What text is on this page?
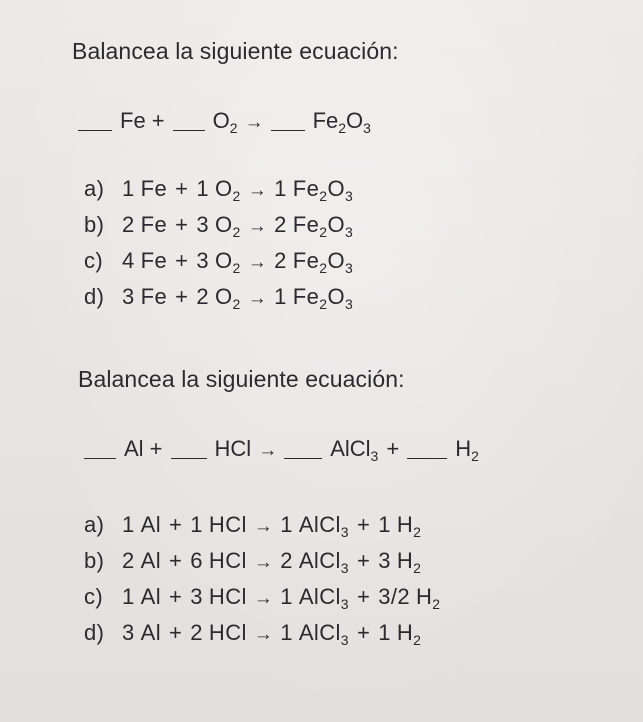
Balancea la siguiente ecuación:
Fe + O 2 → Fe 2 O 3
a) 1 Fe + 1 O 2 → 1 Fe 2 O 3
b) 2 Fe + 3 O 2 → 2 Fe 2 O 3
c) 4 Fe + 3 O 2 → 2 Fe 2 O 3
d) 3 Fe + 2 O 2 → 1 Fe 2 O 3
Balancea la siguiente ecuación:
Al + HCl → AlCl 3 +	H 2
a) 1 Al + 1 HCl → 1 AlCl 3 + 1 H 2
b) 2 Al + 6 HCl → 2 AlCl 3 + 3 H 2
c) 1 Al + 3 HCl → 1 AlCl 3 + 3/2 H 2
d) 3 Al + 2 HCl → 1 AlCl 3 + 1 H 2
